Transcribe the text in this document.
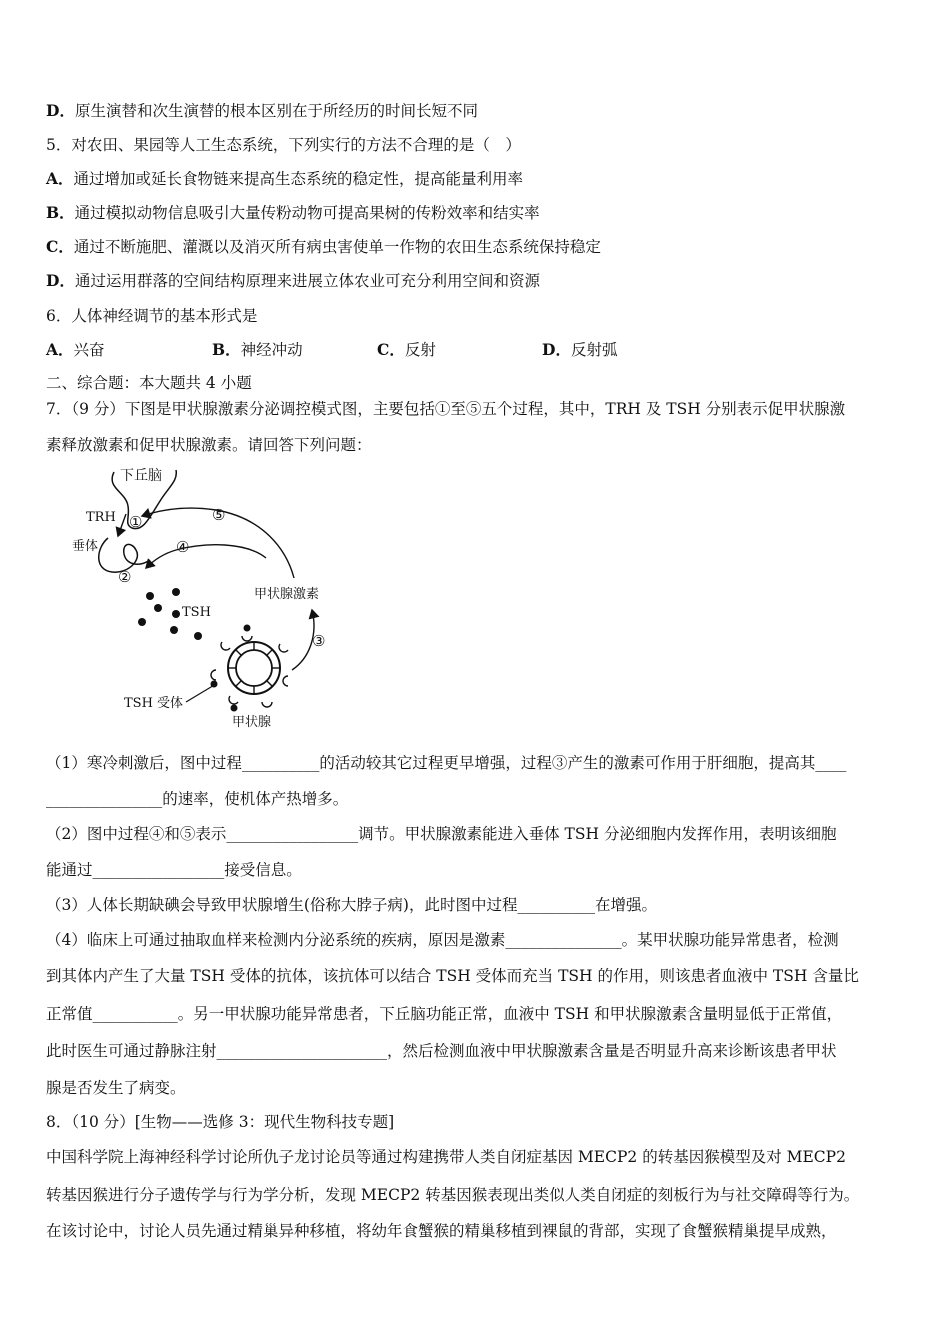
D．原生演替和次生演替的根本区别在于所经历的时间长短不同
5．对农田、果园等人工生态系统，下列实行的方法不合理的是（　）
A．通过增加或延长食物链来提高生态系统的稳定性，提高能量利用率
B．通过模拟动物信息吸引大量传粉动物可提高果树的传粉效率和结实率
C．通过不断施肥、灌溉以及消灭所有病虫害使单一作物的农田生态系统保持稳定
D．通过运用群落的空间结构原理来进展立体农业可充分利用空间和资源
6．人体神经调节的基本形式是
A．兴奋	B．神经冲动	C．反射	D．反射弧
二、综合题：本大题共 4 小题
7．（9 分）下图是甲状腺激素分泌调控模式图，主要包括①至⑤五个过程，其中，TRH 及 TSH 分别表示促甲状腺激
素释放激素和促甲状腺激素。请回答下列问题：
下丘脑
TRH ①
垂体
②
④
⑤
TSH
甲状腺激素
③
TSH 受体
甲状腺
（1）寒冷刺激后，图中过程__________的活动较其它过程更早增强，过程③产生的激素可作用于肝细胞，提高其____
_______________的速率，使机体产热增多。
（2）图中过程④和⑤表示_________________调节。甲状腺激素能进入垂体 TSH 分泌细胞内发挥作用，表明该细胞
能通过_________________接受信息。
（3）人体长期缺碘会导致甲状腺增生(俗称大脖子病)，此时图中过程__________在增强。
（4）临床上可通过抽取血样来检测内分泌系统的疾病，原因是激素_______________。某甲状腺功能异常患者，检测
到其体内产生了大量 TSH 受体的抗体，该抗体可以结合 TSH 受体而充当 TSH 的作用，则该患者血液中 TSH 含量比
正常值___________。另一甲状腺功能异常患者，下丘脑功能正常，血液中 TSH 和甲状腺激素含量明显低于正常值，
此时医生可通过静脉注射______________________，然后检测血液中甲状腺激素含量是否明显升高来诊断该患者甲状
腺是否发生了病变。
8．（10 分）[生物——选修 3：现代生物科技专题]
中国科学院上海神经科学讨论所仇子龙讨论员等通过构建携带人类自闭症基因 MECP2 的转基因猴模型及对 MECP2
转基因猴进行分子遗传学与行为学分析，发现 MECP2 转基因猴表现出类似人类自闭症的刻板行为与社交障碍等行为。
在该讨论中，讨论人员先通过精巢异种移植，将幼年食蟹猴的精巢移植到裸鼠的背部，实现了食蟹猴精巢提早成熟，
